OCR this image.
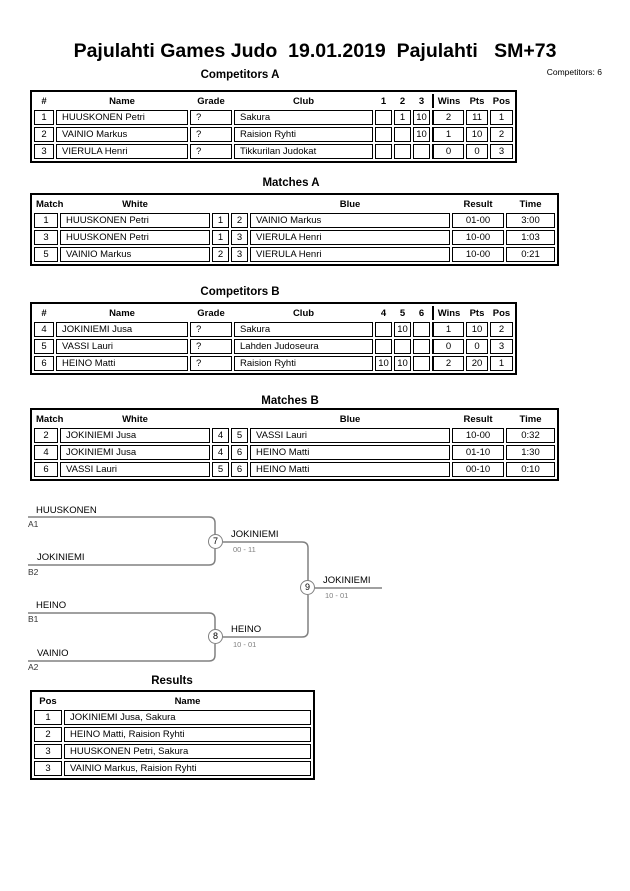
Pajulahti Games Judo  19.01.2019  Pajulahti   SM+73
Competitors: 6
Competitors A
#	Name	Grade	Club	1	2	3	Wins	Pts	Pos
1	HUUSKONEN Petri	?	Sakura		1	10	2	11	1
2	VAINIO Markus	?	Raision Ryhti			10	1	10	2
3	VIERULA Henri	?	Tikkurilan Judokat				0	0	3
Matches A
Match	White			Blue	Result	Time
1	HUUSKONEN Petri	1	2	VAINIO Markus	01-00	3:00
3	HUUSKONEN Petri	1	3	VIERULA Henri	10-00	1:03
5	VAINIO Markus	2	3	VIERULA Henri	10-00	0:21
Competitors B
#	Name	Grade	Club	4	5	6	Wins	Pts	Pos
4	JOKINIEMI Jusa	?	Sakura		10		1	10	2
5	VASSI Lauri	?	Lahden Judoseura				0	0	3
6	HEINO Matti	?	Raision Ryhti	10	10		2	20	1
Matches B
Match	White			Blue	Result	Time
2	JOKINIEMI Jusa	4	5	VASSI Lauri	10-00	0:32
4	JOKINIEMI Jusa	4	6	HEINO Matti	01-10	1:30
6	VASSI Lauri	5	6	HEINO Matti	00-10	0:10
HUUSKONEN
A1
JOKINIEMI
B2
HEINO
B1
VAINIO
A2
7
JOKINIEMI
00 - 11
8
HEINO
10 - 01
9
JOKINIEMI
10 - 01
Results
Pos	Name
1	JOKINIEMI Jusa, Sakura
2	HEINO Matti, Raision Ryhti
3	HUUSKONEN Petri, Sakura
3	VAINIO Markus, Raision Ryhti
